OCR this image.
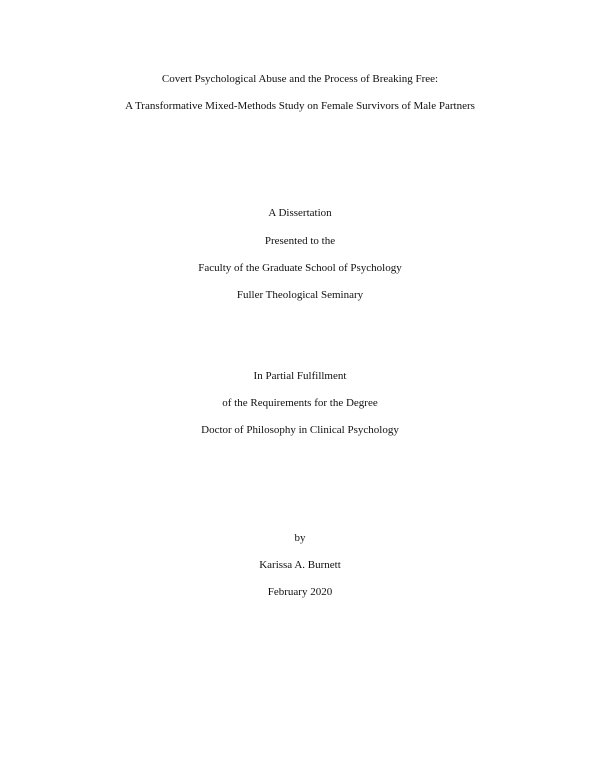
Covert Psychological Abuse and the Process of Breaking Free:
A Transformative Mixed-Methods Study on Female Survivors of Male Partners
A Dissertation
Presented to the
Faculty of the Graduate School of Psychology
Fuller Theological Seminary
In Partial Fulfillment
of the Requirements for the Degree
Doctor of Philosophy in Clinical Psychology
by
Karissa A. Burnett
February 2020
